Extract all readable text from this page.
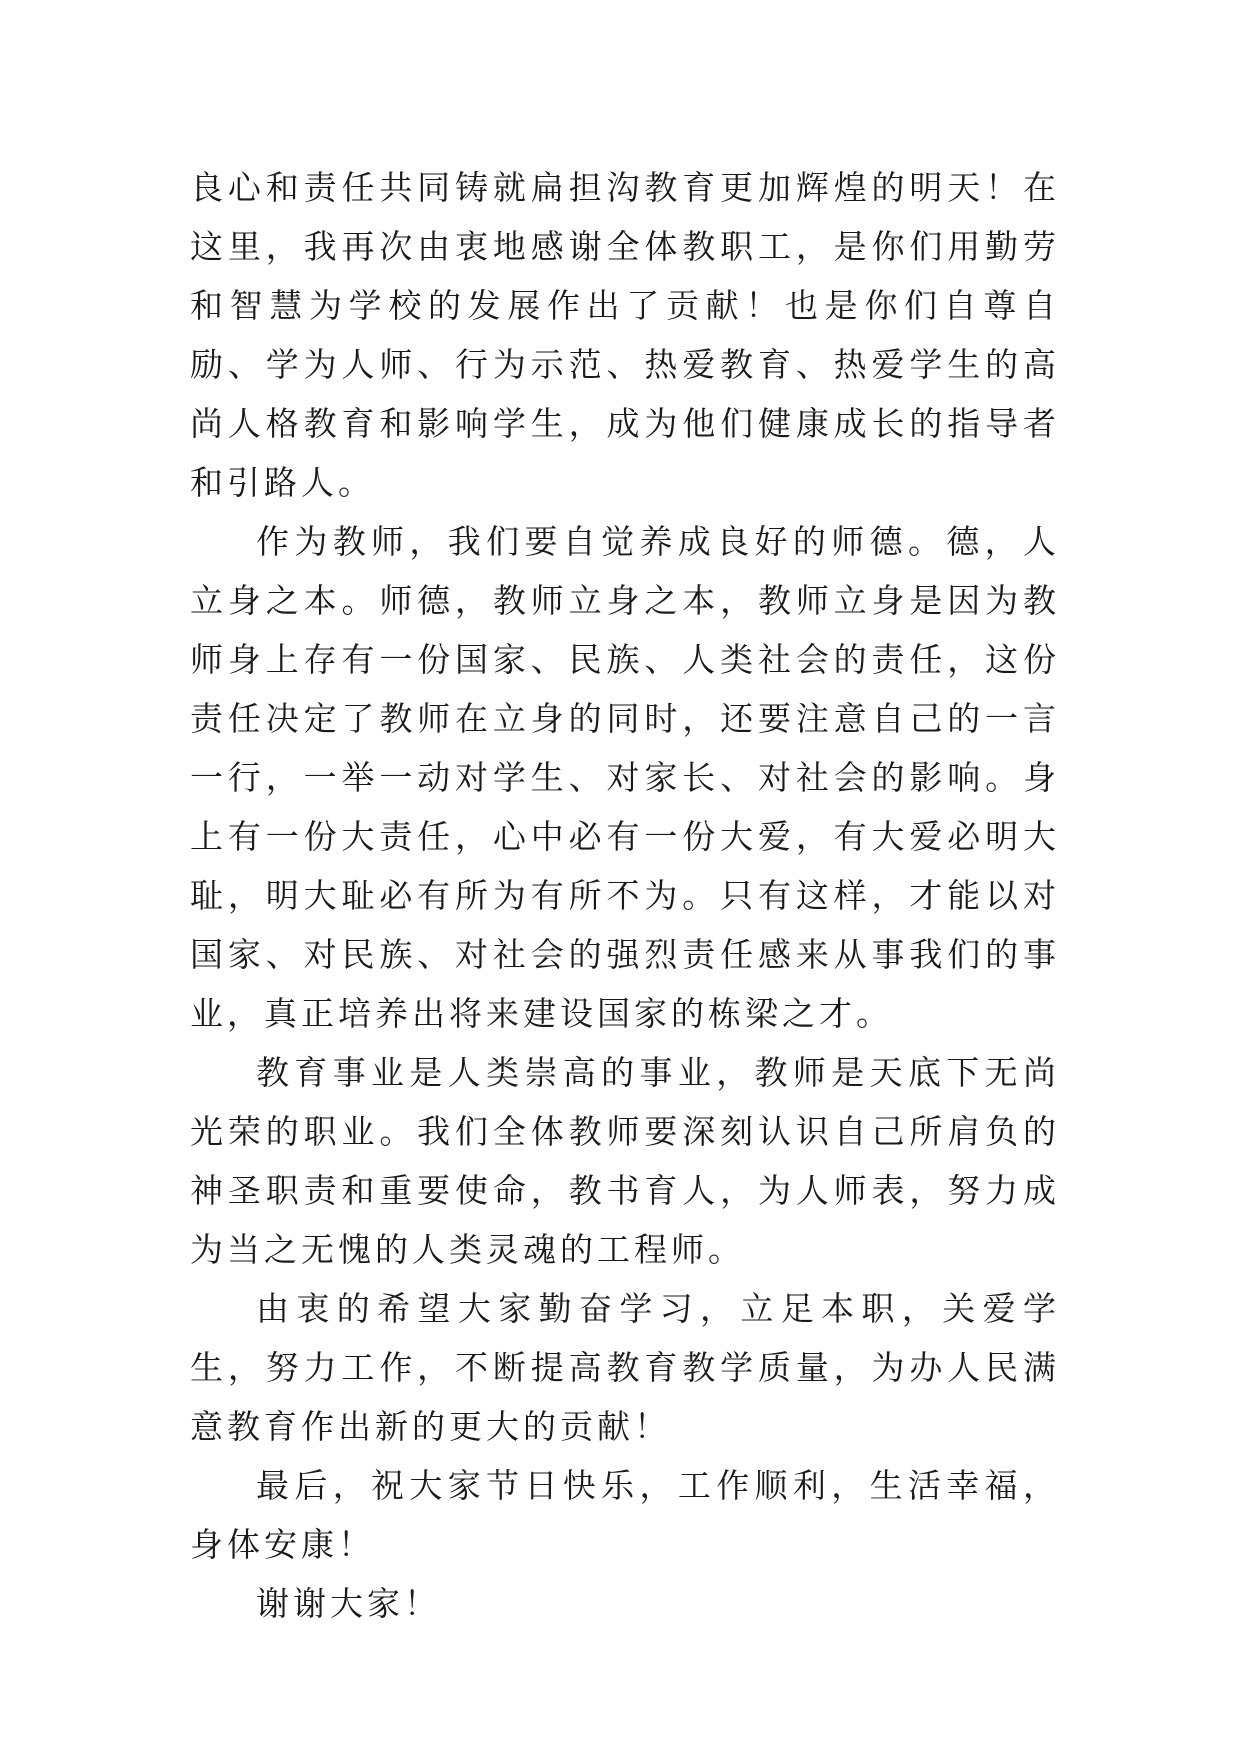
良心和责任共同铸就扁担沟教育更加辉煌的明天！在这里，我再次由衷地感谢全体教职工，是你们用勤劳和智慧为学校的发展作出了贡献！也是你们自尊自励、学为人师、行为示范、热爱教育、热爱学生的高尚人格教育和影响学生，成为他们健康成长的指导者和引路人。

作为教师，我们要自觉养成良好的师德。德，人立身之本。师德，教师立身之本，教师立身是因为教师身上存有一份国家、民族、人类社会的责任，这份责任决定了教师在立身的同时，还要注意自己的一言一行，一举一动对学生、对家长、对社会的影响。身上有一份大责任，心中必有一份大爱，有大爱必明大耻，明大耻必有所为有所不为。只有这样，才能以对国家、对民族、对社会的强烈责任感来从事我们的事业，真正培养出将来建设国家的栋梁之才。

教育事业是人类崇高的事业，教师是天底下无尚光荣的职业。我们全体教师要深刻认识自己所肩负的神圣职责和重要使命，教书育人，为人师表，努力成为当之无愧的人类灵魂的工程师。

由衷的希望大家勤奋学习，立足本职，关爱学生，努力工作，不断提高教育教学质量，为办人民满意教育作出新的更大的贡献！

最后，祝大家节日快乐，工作顺利，生活幸福，身体安康！

谢谢大家！
